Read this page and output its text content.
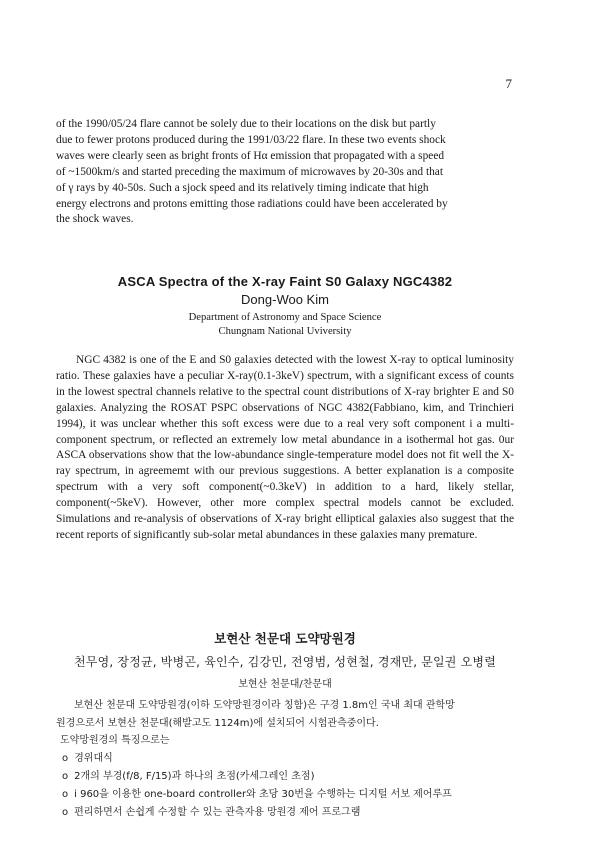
7

of the 1990/05/24 flare cannot be solely due to their locations on the disk but partly

due to fewer protons produced during the 1991/03/22 flare. In these two events shock

waves were clearly seen as bright fronts of Hα emission that propagated with a speed

of ~1500km/s and started preceding the maximum of microwaves by 20-30s and that

of γ rays by 40-50s. Such a sjock speed and its relatively timing indicate that high

energy electrons and protons emitting those radiations could have been accelerated by

the shock waves.

ASCA Spectra of the X-ray Faint S0 Galaxy NGC4382
Dong-Woo Kim
Department of Astronomy and Space Science
Chungnam National Uviversity

NGC 4382 is one of the E and S0 galaxies detected with the lowest X-ray to optical luminosity ratio. These galaxies have a peculiar X-ray(0.1-3keV) spectrum, with a significant excess of counts in the lowest spectral channels relative to the spectral count distributions of X-ray brighter E and S0 galaxies. Analyzing the ROSAT PSPC observations of NGC 4382(Fabbiano, kim, and Trinchieri 1994), it was unclear whether this soft excess were due to a real very soft component i a multi-component spectrum, or reflected an extremely low metal abundance in a isothermal hot gas. 0ur ASCA observations show that the low-abundance single-temperature model does not fit well the X-ray spectrum, in agreememt with our previous suggestions. A better explanation is a composite spectrum with a very soft component(~0.3keV) in addition to a hard, likely stellar, component(~5keV). However, other more complex spectral models cannot be excluded. Simulations and re-analysis of observations of X-ray bright elliptical galaxies also suggest that the recent reports of significantly sub-solar metal abundances in these galaxies many premature.

보현산 천문대 도약망원경
천무영, 장정균, 박병곤, 육인수, 김강민, 전영범, 성현철, 경재만, 문일권 오병렬
보현산 천문대/찬문대

보현산 천문대 도약망원경(이하 도약망원경이라 칭함)은 구경 1.8m인 국내 최대 관학망

원경으로서 보현산 천문대(해발고도 1124m)에 설치되어 시험관측중이다.

도약망원경의 특징으로는

o 경위대식
o 2개의 부경(f/8, F/15)과 하나의 초점(카세그레인 초점)
o i 960을 이용한 one-board controller와 초당 30번을 수행하는 디지털 서보 제어루프
o 편리하면서 손쉽게 수정할 수 있는 관측자용 망원경 제어 프로그램
